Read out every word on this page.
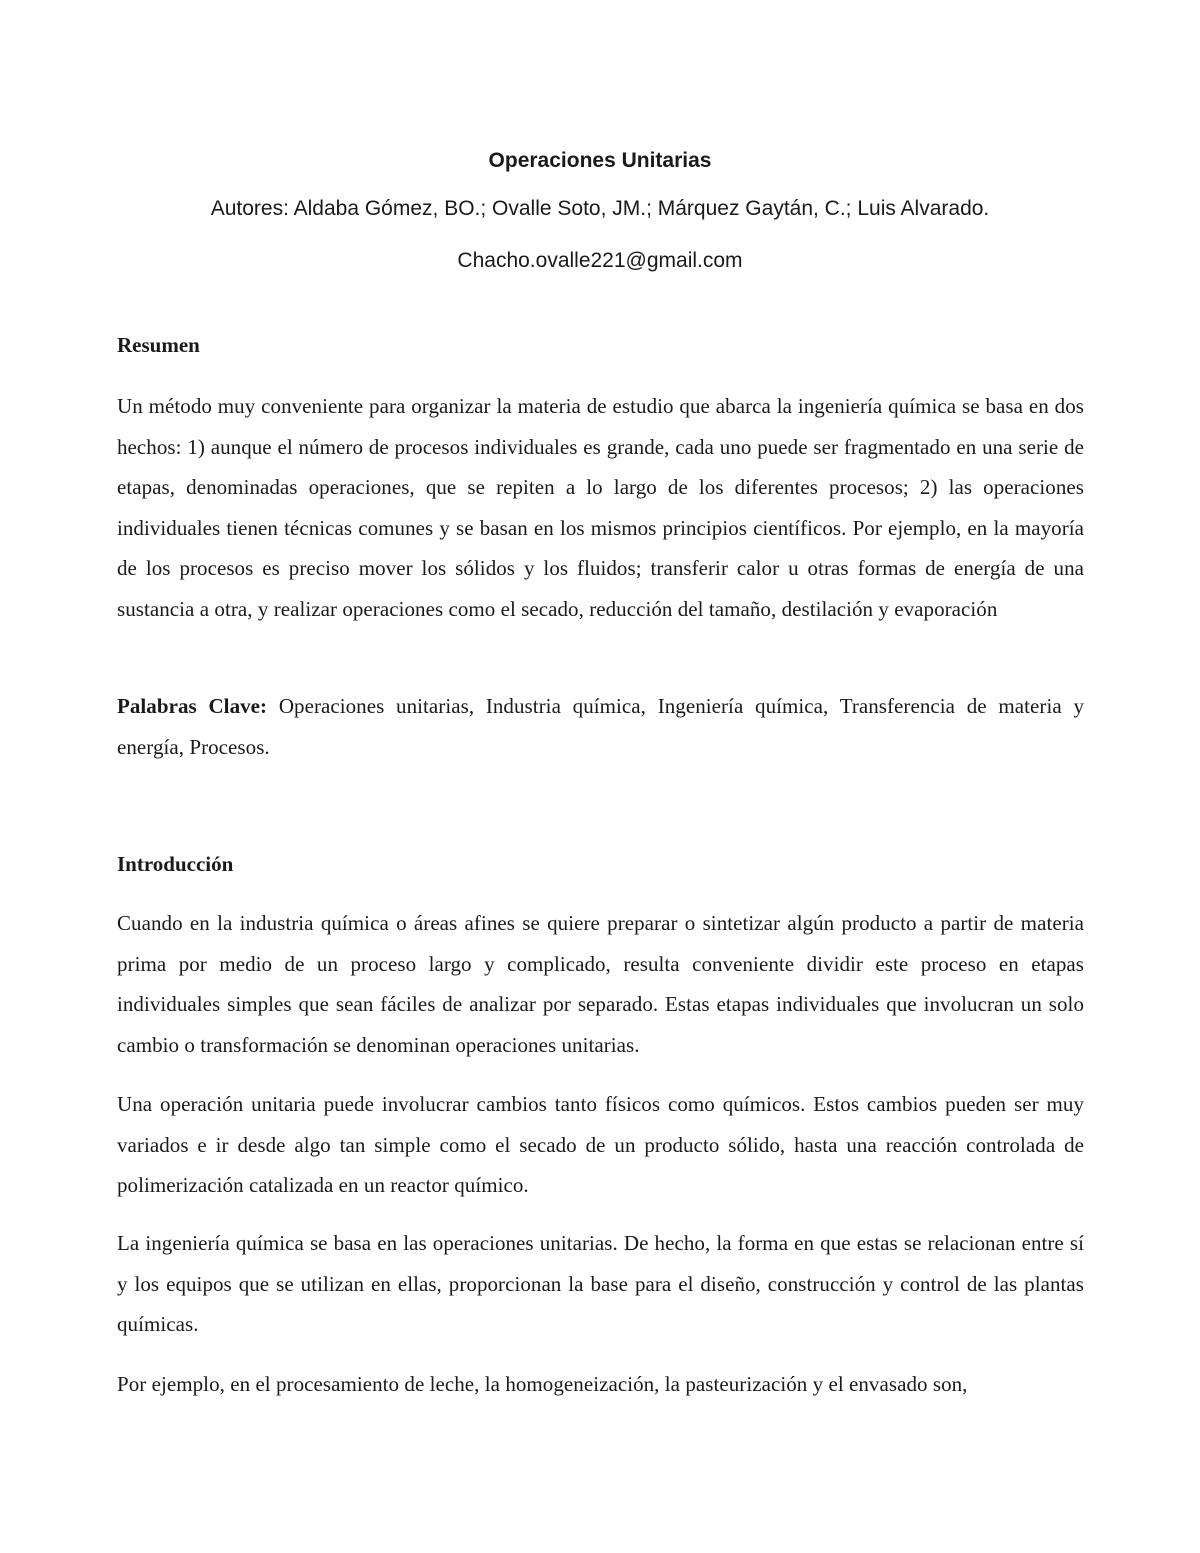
Operaciones Unitarias
Autores: Aldaba Gómez, BO.; Ovalle Soto, JM.; Márquez Gaytán, C.; Luis Alvarado.
Chacho.ovalle221@gmail.com
Resumen
Un método muy conveniente para organizar la materia de estudio que abarca la ingeniería química se basa en dos hechos: 1) aunque el número de procesos individuales es grande, cada uno puede ser fragmentado en una serie de etapas, denominadas operaciones, que se repiten a lo largo de los diferentes procesos; 2) las operaciones individuales tienen técnicas comunes y se basan en los mismos principios científicos. Por ejemplo, en la mayoría de los procesos es preciso mover los sólidos y los fluidos; transferir calor u otras formas de energía de una sustancia a otra, y realizar operaciones como el secado, reducción del tamaño, destilación y evaporación
Palabras Clave: Operaciones unitarias, Industria química, Ingeniería química, Transferencia de materia y energía, Procesos.
Introducción
Cuando en la industria química o áreas afines se quiere preparar o sintetizar algún producto a partir de materia prima por medio de un proceso largo y complicado, resulta conveniente dividir este proceso en etapas individuales simples que sean fáciles de analizar por separado. Estas etapas individuales que involucran un solo cambio o transformación se denominan operaciones unitarias.
Una operación unitaria puede involucrar cambios tanto físicos como químicos. Estos cambios pueden ser muy variados e ir desde algo tan simple como el secado de un producto sólido, hasta una reacción controlada de polimerización catalizada en un reactor químico.
La ingeniería química se basa en las operaciones unitarias. De hecho, la forma en que estas se relacionan entre sí y los equipos que se utilizan en ellas, proporcionan la base para el diseño, construcción y control de las plantas químicas.
Por ejemplo, en el procesamiento de leche, la homogeneización, la pasteurización y el envasado son,
